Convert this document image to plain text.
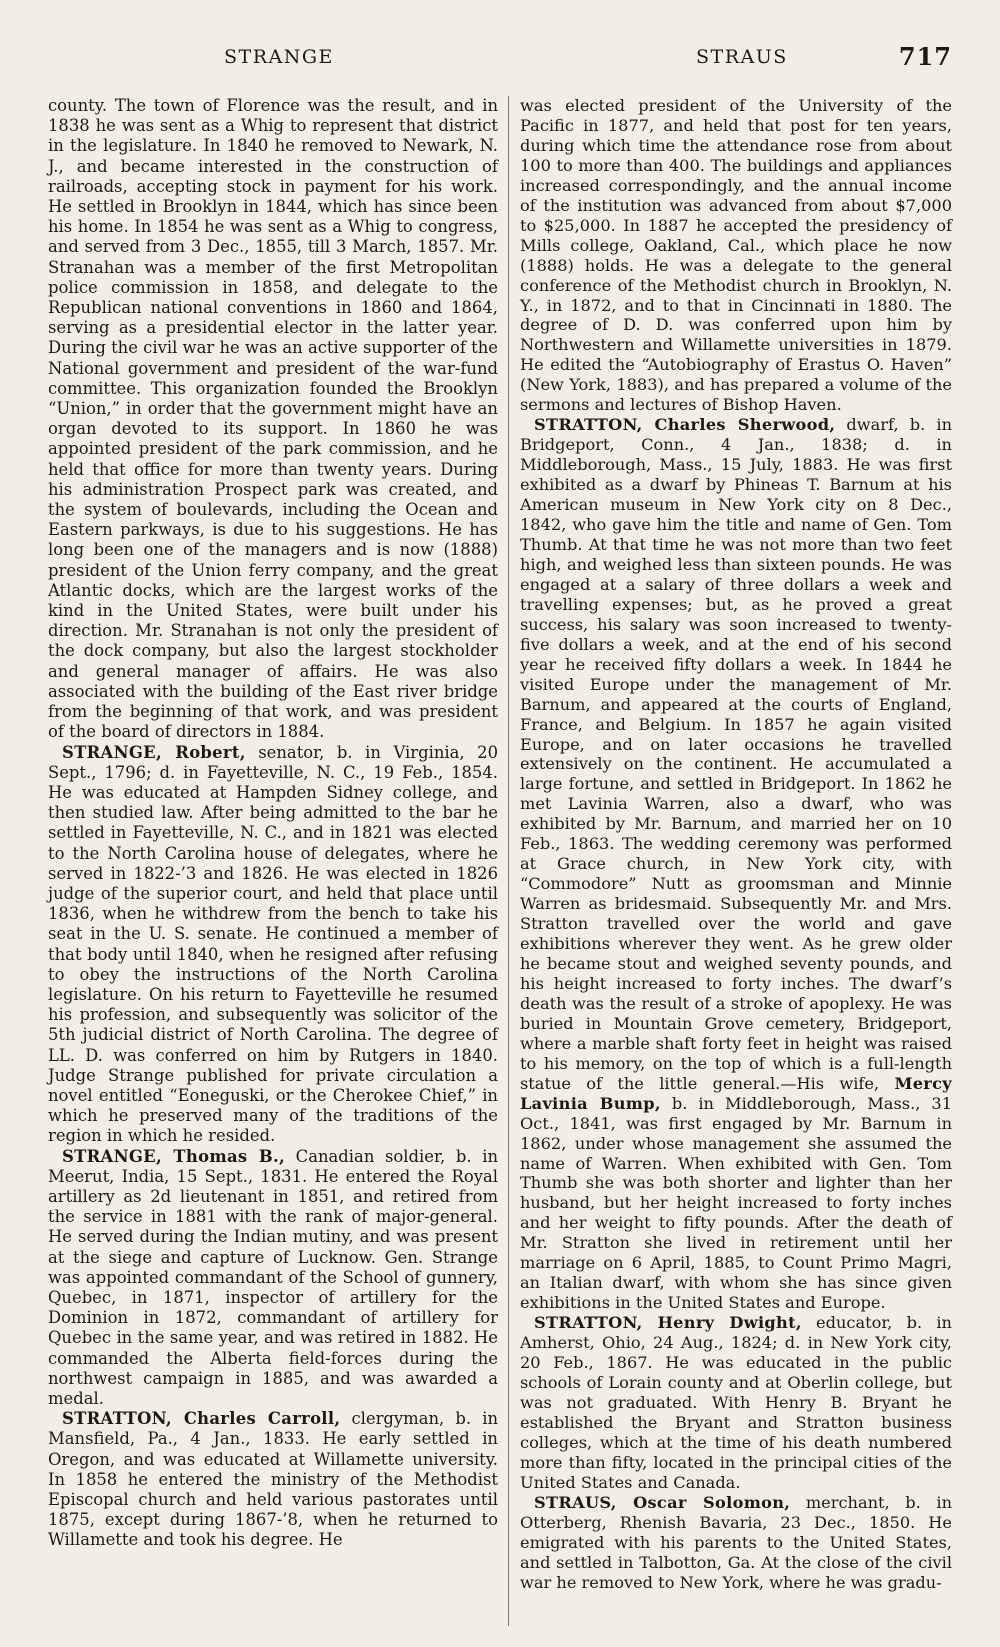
STRANGE	STRAUS	717

county. The town of Florence was the result, and in 1838 he was sent as a Whig to represent that district in the legislature. In 1840 he removed to Newark, N. J., and became interested in the construction of railroads, accepting stock in payment for his work. He settled in Brooklyn in 1844, which has since been his home. In 1854 he was sent as a Whig to congress, and served from 3 Dec., 1855, till 3 March, 1857. Mr. Stranahan was a member of the first Metropolitan police commission in 1858, and delegate to the Republican national conventions in 1860 and 1864, serving as a presidential elector in the latter year. During the civil war he was an active supporter of the National government and president of the war-fund committee. This organization founded the Brooklyn “Union,” in order that the government might have an organ devoted to its support. In 1860 he was appointed president of the park commission, and he held that office for more than twenty years. During his administration Prospect park was created, and the system of boulevards, including the Ocean and Eastern parkways, is due to his suggestions. He has long been one of the managers and is now (1888) president of the Union ferry company, and the great Atlantic docks, which are the largest works of the kind in the United States, were built under his direction. Mr. Stranahan is not only the president of the dock company, but also the largest stockholder and general manager of affairs. He was also associated with the building of the East river bridge from the beginning of that work, and was president of the board of directors in 1884.

STRANGE, Robert, senator, b. in Virginia, 20 Sept., 1796; d. in Fayetteville, N. C., 19 Feb., 1854. He was educated at Hampden Sidney college, and then studied law. After being admitted to the bar he settled in Fayetteville, N. C., and in 1821 was elected to the North Carolina house of delegates, where he served in 1822-’3 and 1826. He was elected in 1826 judge of the superior court, and held that place until 1836, when he withdrew from the bench to take his seat in the U. S. senate. He continued a member of that body until 1840, when he resigned after refusing to obey the instructions of the North Carolina legislature. On his return to Fayetteville he resumed his profession, and subsequently was solicitor of the 5th judicial district of North Carolina. The degree of LL. D. was conferred on him by Rutgers in 1840. Judge Strange published for private circulation a novel entitled “Eoneguski, or the Cherokee Chief,” in which he preserved many of the traditions of the region in which he resided.

STRANGE, Thomas B., Canadian soldier, b. in Meerut, India, 15 Sept., 1831. He entered the Royal artillery as 2d lieutenant in 1851, and retired from the service in 1881 with the rank of major-general. He served during the Indian mutiny, and was present at the siege and capture of Lucknow. Gen. Strange was appointed commandant of the School of gunnery, Quebec, in 1871, inspector of artillery for the Dominion in 1872, commandant of artillery for Quebec in the same year, and was retired in 1882. He commanded the Alberta field-forces during the northwest campaign in 1885, and was awarded a medal.

STRATTON, Charles Carroll, clergyman, b. in Mansfield, Pa., 4 Jan., 1833. He early settled in Oregon, and was educated at Willamette university. In 1858 he entered the ministry of the Methodist Episcopal church and held various pastorates until 1875, except during 1867-’8, when he returned to Willamette and took his degree. He

was elected president of the University of the Pacific in 1877, and held that post for ten years, during which time the attendance rose from about 100 to more than 400. The buildings and appliances increased correspondingly, and the annual income of the institution was advanced from about $7,000 to $25,000. In 1887 he accepted the presidency of Mills college, Oakland, Cal., which place he now (1888) holds. He was a delegate to the general conference of the Methodist church in Brooklyn, N. Y., in 1872, and to that in Cincinnati in 1880. The degree of D. D. was conferred upon him by Northwestern and Willamette universities in 1879. He edited the “Autobiography of Erastus O. Haven” (New York, 1883), and has prepared a volume of the sermons and lectures of Bishop Haven.

STRATTON, Charles Sherwood, dwarf, b. in Bridgeport, Conn., 4 Jan., 1838; d. in Middleborough, Mass., 15 July, 1883. He was first exhibited as a dwarf by Phineas T. Barnum at his American museum in New York city on 8 Dec., 1842, who gave him the title and name of Gen. Tom Thumb. At that time he was not more than two feet high, and weighed less than sixteen pounds. He was engaged at a salary of three dollars a week and travelling expenses; but, as he proved a great success, his salary was soon increased to twenty-five dollars a week, and at the end of his second year he received fifty dollars a week. In 1844 he visited Europe under the management of Mr. Barnum, and appeared at the courts of England, France, and Belgium. In 1857 he again visited Europe, and on later occasions he travelled extensively on the continent. He accumulated a large fortune, and settled in Bridgeport. In 1862 he met Lavinia Warren, also a dwarf, who was exhibited by Mr. Barnum, and married her on 10 Feb., 1863. The wedding ceremony was performed at Grace church, in New York city, with “Commodore” Nutt as groomsman and Minnie Warren as bridesmaid. Subsequently Mr. and Mrs. Stratton travelled over the world and gave exhibitions wherever they went. As he grew older he became stout and weighed seventy pounds, and his height increased to forty inches. The dwarf’s death was the result of a stroke of apoplexy. He was buried in Mountain Grove cemetery, Bridgeport, where a marble shaft forty feet in height was raised to his memory, on the top of which is a full-length statue of the little general.—His wife, Mercy Lavinia Bump, b. in Middleborough, Mass., 31 Oct., 1841, was first engaged by Mr. Barnum in 1862, under whose management she assumed the name of Warren. When exhibited with Gen. Tom Thumb she was both shorter and lighter than her husband, but her height increased to forty inches and her weight to fifty pounds. After the death of Mr. Stratton she lived in retirement until her marriage on 6 April, 1885, to Count Primo Magri, an Italian dwarf, with whom she has since given exhibitions in the United States and Europe.

STRATTON, Henry Dwight, educator, b. in Amherst, Ohio, 24 Aug., 1824; d. in New York city, 20 Feb., 1867. He was educated in the public schools of Lorain county and at Oberlin college, but was not graduated. With Henry B. Bryant he established the Bryant and Stratton business colleges, which at the time of his death numbered more than fifty, located in the principal cities of the United States and Canada.

STRAUS, Oscar Solomon, merchant, b. in Otterberg, Rhenish Bavaria, 23 Dec., 1850. He emigrated with his parents to the United States, and settled in Talbotton, Ga. At the close of the civil war he removed to New York, where he was gradu-
